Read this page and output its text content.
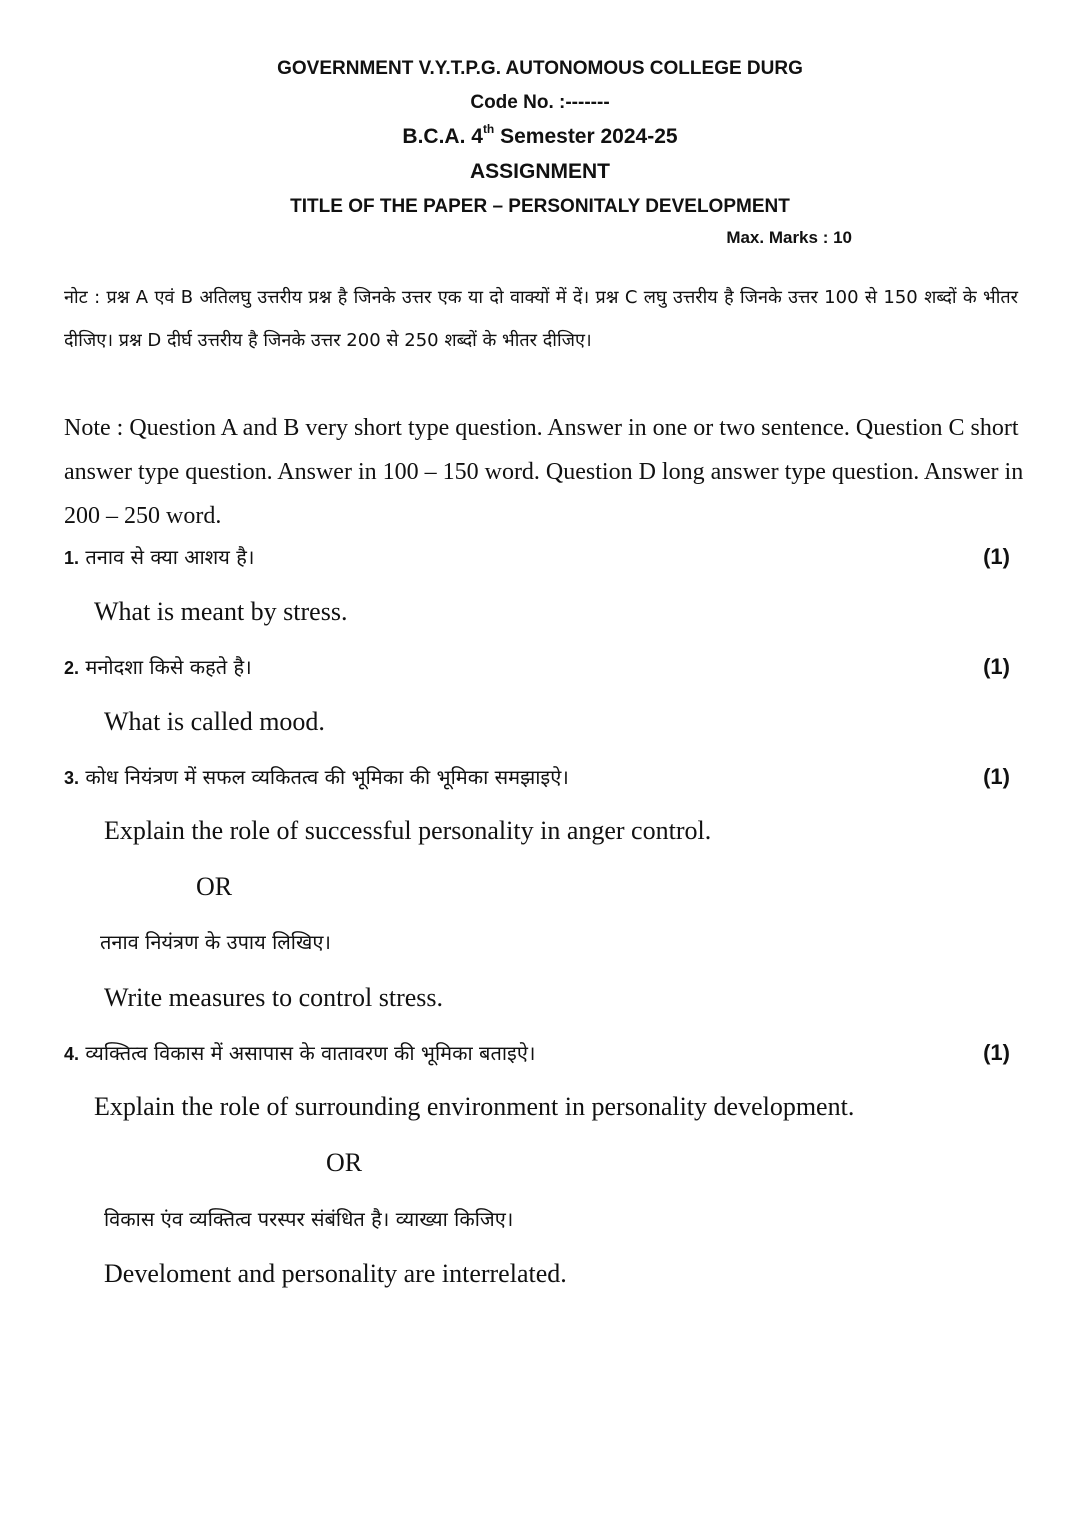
GOVERNMENT V.Y.T.P.G. AUTONOMOUS COLLEGE DURG
Code No. :-------
B.C.A. 4th Semester 2024-25
ASSIGNMENT
TITLE OF THE PAPER – PERSONITALY DEVELOPMENT
Max. Marks : 10
नोट : प्रश्न A एवं B अतिलघु उत्तरीय प्रश्न है जिनके उत्तर एक या दो वाक्यों में दें। प्रश्न C लघु उत्तरीय है जिनके उत्तर 100 से 150 शब्दों के भीतर दीजिए। प्रश्न D दीर्घ उत्तरीय है जिनके उत्तर 200 से 250 शब्दों के भीतर दीजिए।
Note : Question A and B very short type question. Answer in one or two sentence. Question C short answer type question. Answer in 100 – 150 word. Question D long answer type question. Answer in 200 – 250 word.
1. तनाव से क्या आशय है।	(1)
What is meant by stress.
2. मनोदशा किसे कहते है।	(1)
What is called mood.
3. कोध नियंत्रण में सफल व्यकितत्व की भूमिका की भूमिका समझाइऐ।	(1)
Explain the role of successful personality in anger control.
OR
तनाव नियंत्रण के उपाय लिखिए।
Write measures to control stress.
4. व्यक्तित्व विकास में असापास के वातावरण की भूमिका बताइऐ।	(1)
Explain the role of surrounding environment in personality development.
OR
विकास एंव व्यक्तित्व परस्पर संबंधित है। व्याख्या किजिए।
Develoment and personality are interrelated.
